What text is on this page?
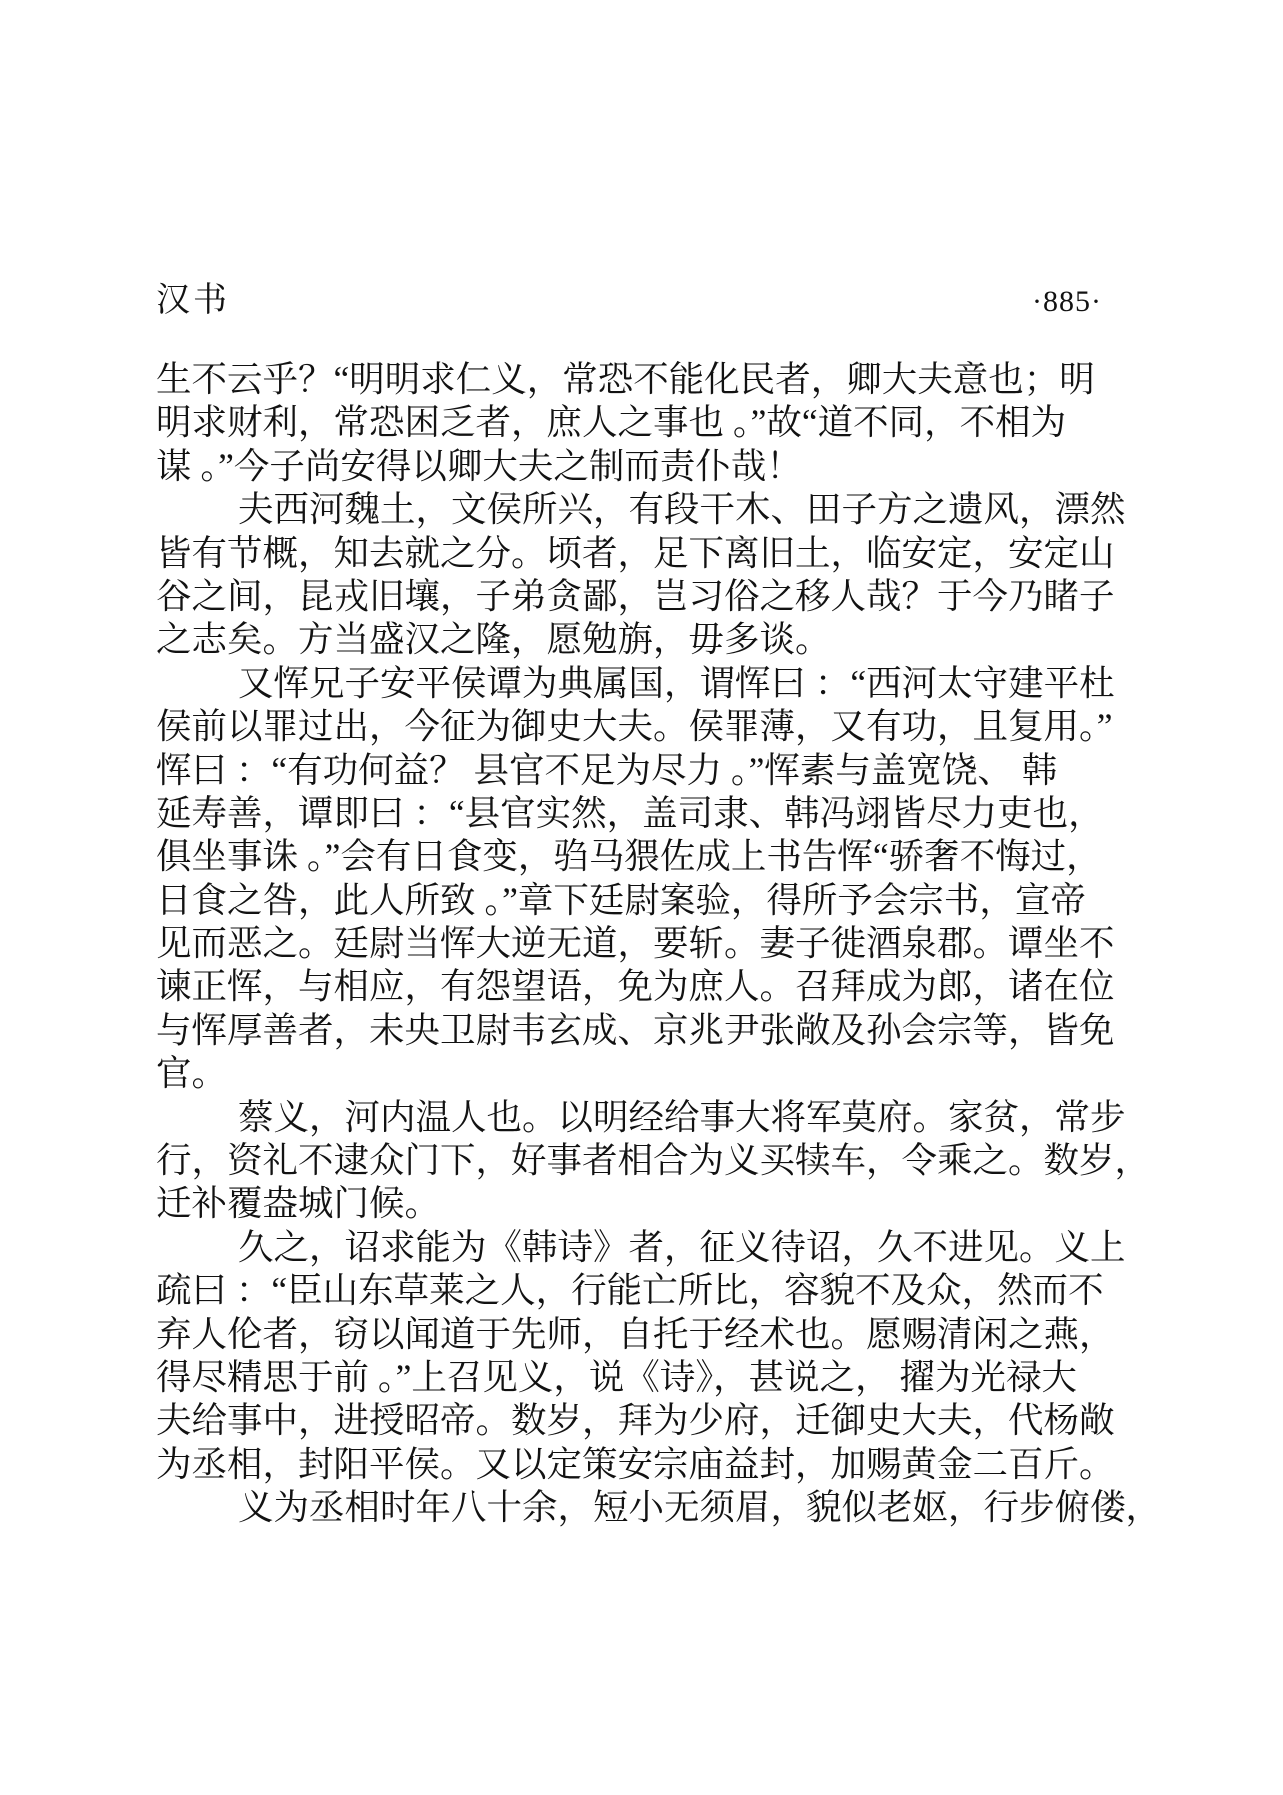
汉书	·885·
生不云乎？“明明求仁义，常恐不能化民者，卿大夫意也；明
明求财利，常恐困乏者，庶人之事也 。”故“道不同，不相为
谋 。”今子尚安得以卿大夫之制而责仆哉！
夫西河魏土，文侯所兴，有段干木、田子方之遗风，漂然
皆有节概，知去就之分。顷者，足下离旧土，临安定，安定山
谷之间，昆戎旧壤，子弟贪鄙，岂习俗之移人哉？于今乃睹子
之志矣。方当盛汉之隆，愿勉旃，毋多谈。
又恽兄子安平侯谭为典属国，谓恽曰 ：“西河太守建平杜
侯前以罪过出，今征为御史大夫。侯罪薄，又有功，且复用。”
恽曰 ：“有功何益？ 县官不足为尽力 。”恽素与盖宽饶、 韩
延寿善，谭即曰 ：“县官实然，盖司隶、韩冯翊皆尽力吏也，
俱坐事诛 。”会有日食变，驺马猥佐成上书告恽“骄奢不悔过，
日食之咎，此人所致 。”章下廷尉案验，得所予会宗书，宣帝
见而恶之。廷尉当恽大逆无道，要斩。妻子徙酒泉郡。谭坐不
谏正恽，与相应，有怨望语，免为庶人。召拜成为郎，诸在位
与恽厚善者，未央卫尉韦玄成、京兆尹张敞及孙会宗等，皆免
官。
蔡义，河内温人也。以明经给事大将军莫府。家贫，常步
行，资礼不逮众门下，好事者相合为义买犊车，令乘之。数岁，
迁补覆盎城门候。
久之，诏求能为《韩诗》者，征义待诏，久不进见。义上
疏曰 ：“臣山东草莱之人，行能亡所比，容貌不及众，然而不
弃人伦者，窃以闻道于先师，自托于经术也。愿赐清闲之燕，
得尽精思于前 。”上召见义，说《诗》，甚说之， 擢为光禄大
夫给事中，进授昭帝。数岁，拜为少府，迁御史大夫，代杨敞
为丞相，封阳平侯。又以定策安宗庙益封，加赐黄金二百斤。
义为丞相时年八十余，短小无须眉，貌似老妪，行步俯偻，
